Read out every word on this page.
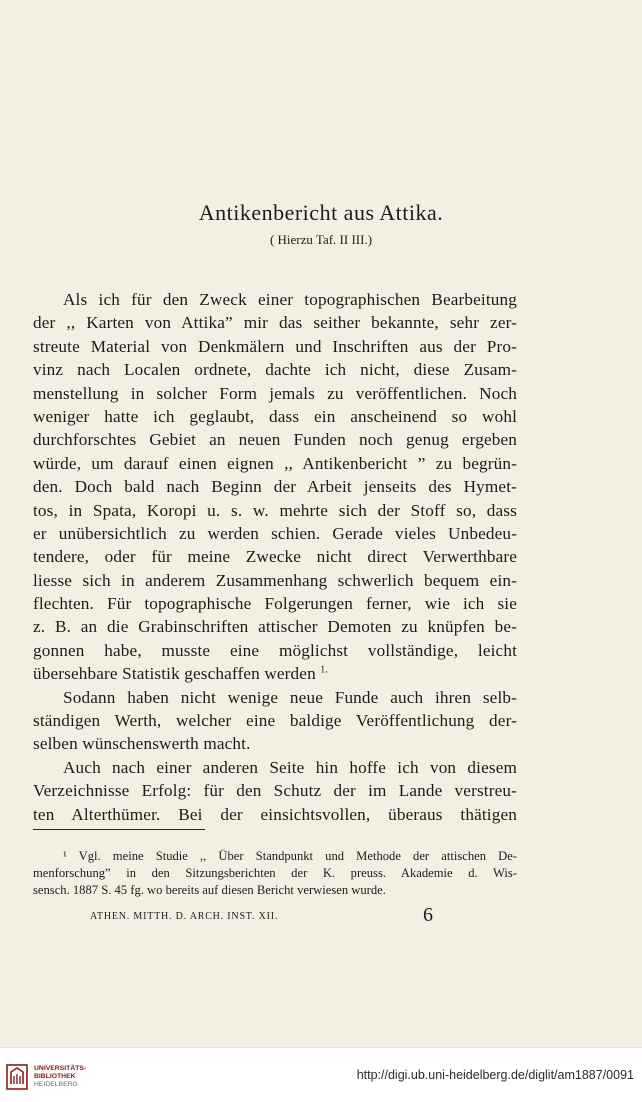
Antikenbericht aus Attika.
( Hierzu Taf. II III.)
Als ich für den Zweck einer topographischen Bearbeitung
der ,, Karten von Attika” mir das seither bekannte, sehr zer-
streute Material von Denkmälern und Inschriften aus der Pro-
vinz nach Localen ordnete, dachte ich nicht, diese Zusam-
menstellung in solcher Form jemals zu veröffentlichen. Noch
weniger hatte ich geglaubt, dass ein anscheinend so wohl
durchforschtes Gebiet an neuen Funden noch genug ergeben
würde, um darauf einen eignen ,, Antikenbericht ” zu begrün-
den. Doch bald nach Beginn der Arbeit jenseits des Hymet-
tos, in Spata, Koropi u. s. w. mehrte sich der Stoff so, dass
er unübersichtlich zu werden schien. Gerade vieles Unbedeu-
tendere, oder für meine Zwecke nicht direct Verwerthbare
liesse sich in anderem Zusammenhang schwerlich bequem ein-
flechten. Für topographische Folgerungen ferner, wie ich sie
z. B. an die Grabinschriften attischer Demoten zu knüpfen be-
gonnen habe, musste eine möglichst vollständige, leicht
übersehbare Statistik geschaffen werden $^{1.}$
Sodann haben nicht wenige neue Funde auch ihren selb-
ständigen Werth, welcher eine baldige Veröffentlichung der-
selben wünschenswerth macht.
Auch nach einer anderen Seite hin hoffe ich von diesem
Verzeichnisse Erfolg: für den Schutz der im Lande verstreu-
ten Alterthümer. Bei der einsichtsvollen, überaus thätigen
¹ Vgl. meine Studie ,, Über Standpunkt und Methode der attischen De-
menforschung” in den Sitzungsberichten der K. preuss. Akademie d. Wis-
sensch. 1887 S. 45 fg. wo bereits auf diesen Bericht verwiesen wurde.
ATHEN. MITTH. D. ARCH. INST. XII.	6
UNIVERSITÄTS-
BIBLIOTHEK
HEIDELBERG
http://digi.ub.uni-heidelberg.de/diglit/am1887/0091
